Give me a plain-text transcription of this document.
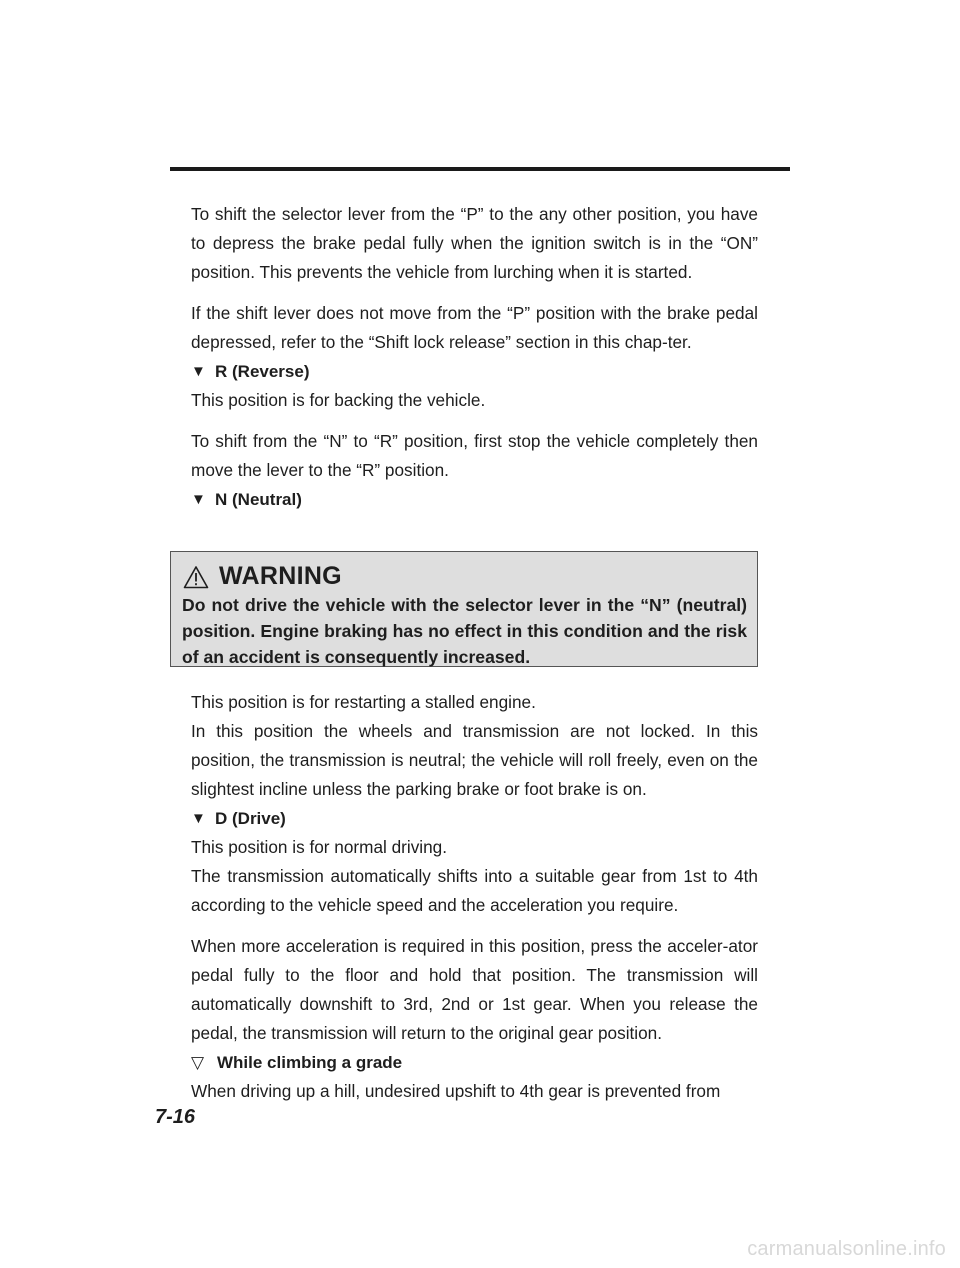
To shift the selector lever from the “P” to the any other position, you have to depress the brake pedal fully when the ignition switch is in the “ON” position. This prevents the vehicle from lurching when it is started.

If the shift lever does not move from the “P” position with the brake pedal depressed, refer to the “Shift lock release” section in this chap-ter.

▼ R (Reverse)

This position is for backing the vehicle.

To shift from the “N” to “R” position, first stop the vehicle completely then move the lever to the “R” position.

▼ N (Neutral)
WARNING
Do not drive the vehicle with the selector lever in the “N” (neutral) position. Engine braking has no effect in this condition and the risk of an accident is consequently increased.

This position is for restarting a stalled engine.

In this position the wheels and transmission are not locked. In this position, the transmission is neutral; the vehicle will roll freely, even on the slightest incline unless the parking brake or foot brake is on.

▼ D (Drive)

This position is for normal driving.

The transmission automatically shifts into a suitable gear from 1st to 4th according to the vehicle speed and the acceleration you require.

When more acceleration is required in this position, press the acceler-ator pedal fully to the floor and hold that position. The transmission will automatically downshift to 3rd, 2nd or 1st gear. When you release the pedal, the transmission will return to the original gear position.

▽ While climbing a grade

When driving up a hill, undesired upshift to 4th gear is prevented from

7-16
carmanualsonline.info
